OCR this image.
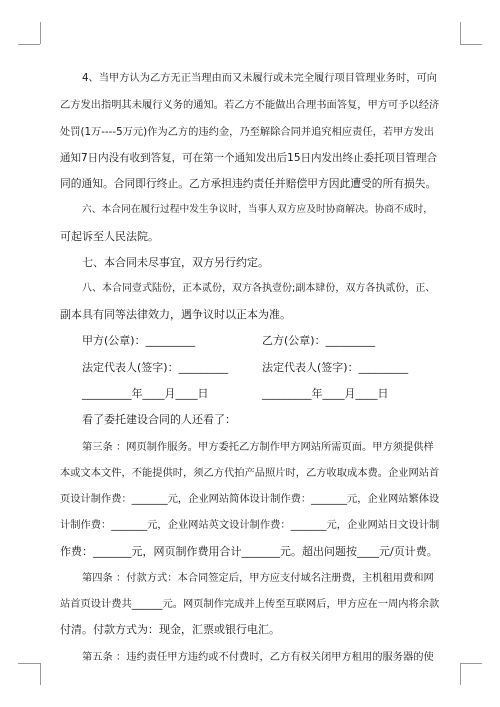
4、当甲方认为乙方无正当理由而又未履行或未完全履行项目管理业务时，可向

乙方发出指明其未履行义务的通知。若乙方不能做出合理书面答复，甲方可予以经济

处罚(1万----5万元)作为乙方的违约金，乃至解除合同并追究相应责任，若甲方发出

通知7日内没有收到答复，可在第一个通知发出后15日内发出终止委托项目管理合

同的通知。合同即行终止。乙方承担违约责任并赔偿甲方因此遭受的所有损失。

六、本合同在履行过程中发生争议时，当事人双方应及时协商解决。协商不成时，

可起诉至人民法院。

七、本合同未尽事宜，双方另行约定。

八、本合同壹式陆份，正本贰份，双方各执壹份;副本肆份，双方各执贰份，正、

副本具有同等法律效力，遇争议时以正本为准。

甲方(公章)：_________	乙方(公章)：_________

法定代表人(签字)：_________	法定代表人(签字)：_________

_________年____月____日	_________年____月____日

看了委托建设合同的人还看了：

第三条 ：网页制作服务。甲方委托乙方制作甲方网站所需页面。甲方须提供样

本或文本文件，不能提供时，须乙方代拍产品照片时，乙方收取成本费。企业网站首

页设计制作费：_______元，企业网站简体设计制作费：_______元，企业网站繁体设

计制作费：_______元，企业网站英文设计制作费：_______元，企业网站日文设计制

作费：_______元，网页制作费用合计_______元。超出问题按____元/页计费。

第四条 ：付款方式：本合同签定后，甲方应支付域名注册费，主机租用费和网

站首页设计费共______元。网页制作完成并上传至互联网后，甲方应在一周内将余款

付清。付款方式为：现金，汇票或银行电汇。

第五条 ：违约责任甲方违约或不付费时，乙方有权关闭甲方租用的服务器的使
